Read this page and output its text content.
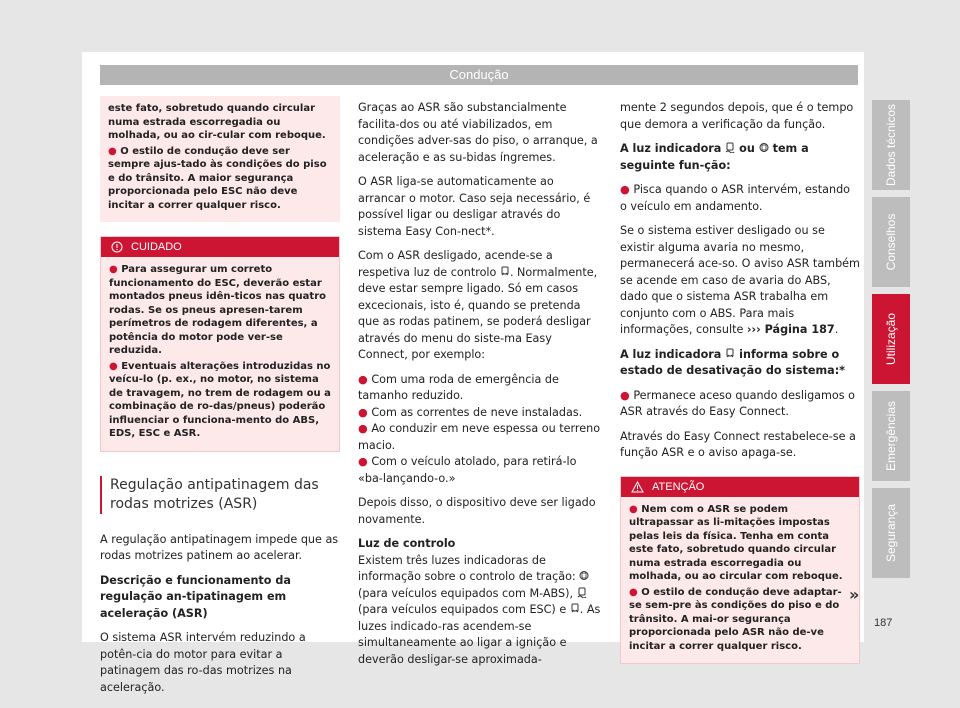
Condução

este fato, sobretudo quando circular numa estrada escorregadia ou molhada, ou ao cir-cular com reboque.

● O estilo de condução deve ser sempre ajus-tado às condições do piso e do trânsito. A maior segurança proporcionada pelo ESC não deve incitar a correr qualquer risco.

CUIDADO

● Para assegurar um correto funcionamento do ESC, deverão estar montados pneus idên-ticos nas quatro rodas. Se os pneus apresen-tarem perímetros de rodagem diferentes, a potência do motor pode ver-se reduzida.

● Eventuais alterações introduzidas no veícu-lo (p. ex., no motor, no sistema de travagem, no trem de rodagem ou a combinação de ro-das/pneus) poderão influenciar o funciona-mento do ABS, EDS, ESC e ASR.

Regulação antipatinagem das rodas motrizes (ASR)

A regulação antipatinagem impede que as rodas motrizes patinem ao acelerar.

Descrição e funcionamento da regulação an-tipatinagem em aceleração (ASR)

O sistema ASR intervém reduzindo a potên-cia do motor para evitar a patinagem das ro-das motrizes na aceleração.

Graças ao ASR são substancialmente facilita-dos ou até viabilizados, em condições adver-sas do piso, o arranque, a aceleração e as su-bidas íngremes.

O ASR liga-se automaticamente ao arrancar o motor. Caso seja necessário, é possível ligar ou desligar através do sistema Easy Con-nect*.

Com o ASR desligado, acende-se a respetiva luz de controlo . Normalmente, deve estar sempre ligado. Só em casos excecionais, isto é, quando se pretenda que as rodas patinem, se poderá desligar através do menu do siste-ma Easy Connect, por exemplo:

● Com uma roda de emergência de tamanho reduzido.

● Com as correntes de neve instaladas.

● Ao conduzir em neve espessa ou terreno macio.

● Com o veículo atolado, para retirá-lo «ba-lançando-o.»

Depois disso, o dispositivo deve ser ligado novamente.

Luz de controlo

Existem três luzes indicadoras de informação sobre o controlo de tração:  (para veículos equipados com M-ABS),  (para veículos equipados com ESC) e . As luzes indicado-ras acendem-se simultaneamente ao ligar a ignição e deverão desligar-se aproximada-

mente 2 segundos depois, que é o tempo que demora a verificação da função.

A luz indicadora  ou  tem a seguinte fun-ção:

● Pisca quando o ASR intervém, estando o veículo em andamento.

Se o sistema estiver desligado ou se existir alguma avaria no mesmo, permanecerá ace-so. O aviso ASR também se acende em caso de avaria do ABS, dado que o sistema ASR trabalha em conjunto com o ABS. Para mais informações, consulte ››› Página 187.

A luz indicadora  informa sobre o estado de desativação do sistema:*

● Permanece aceso quando desligamos o ASR através do Easy Connect.

Através do Easy Connect restabelece-se a função ASR e o aviso apaga-se.

ATENÇÃO

● Nem com o ASR se podem ultrapassar as li-mitações impostas pelas leis da física. Tenha em conta este fato, sobretudo quando circular numa estrada escorregadia ou molhada, ou ao circular com reboque.

● O estilo de condução deve adaptar-se sem-pre às condições do piso e do trânsito. A mai-or segurança proporcionada pelo ASR não de-ve incitar a correr qualquer risco.

»
Dados técnicos
Conselhos
Utilização
Emergências
Segurança
187
